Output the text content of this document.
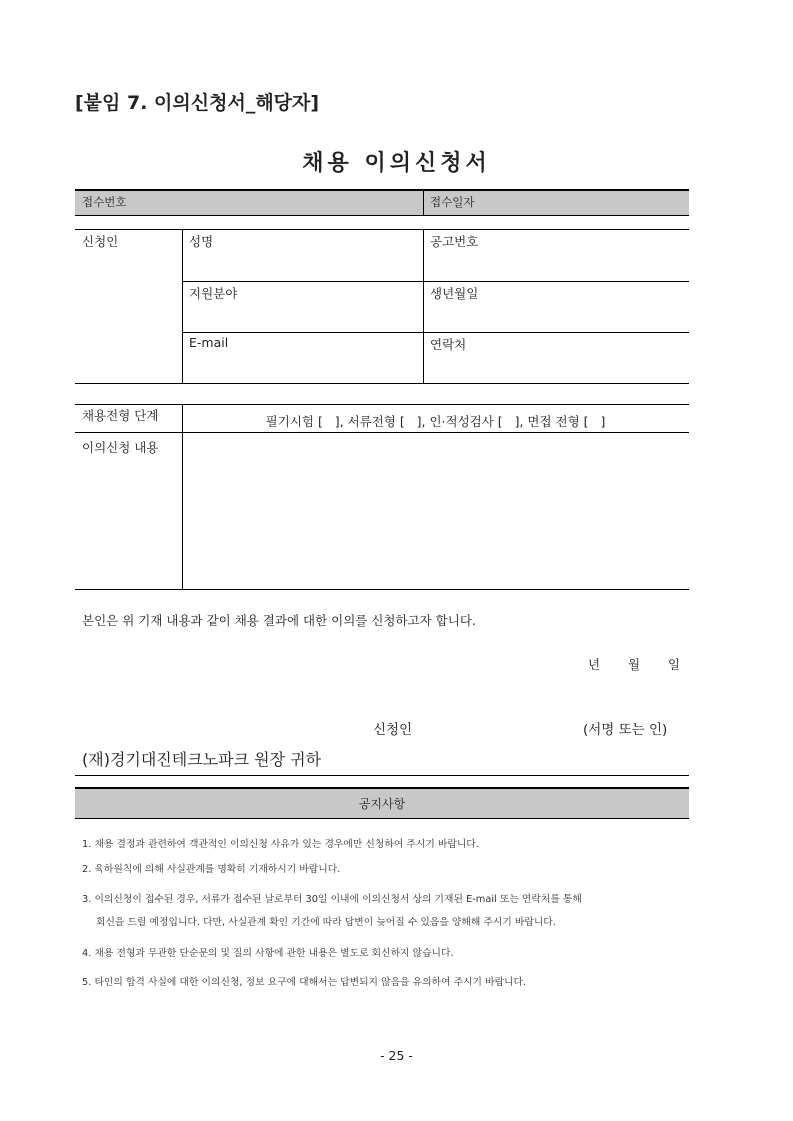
[붙임 7. 이의신청서_해당자]
채용 이의신청서
접수번호	접수일자
신청인	성명	공고번호
지원분야	생년월일
E-mail	연락처
채용전형 단계	필기시험 [   ], 서류전형 [   ], 인·적성검사 [   ], 면접 전형 [   ]
이의신청 내용
본인은 위 기재 내용과 같이 채용 결과에 대한 이의를 신청하고자 합니다.
년 월 일
신청인	(서명 또는 인)
(재)경기대진테크노파크 원장 귀하
공지사항
1. 채용 결정과 관련하여 객관적인 이의신청 사유가 있는 경우에만 신청하여 주시기 바랍니다.
2. 육하원칙에 의해 사실관계를 명확히 기재하시기 바랍니다.
3. 이의신청이 접수된 경우, 서류가 접수된 날로부터 30일 이내에 이의신청서 상의 기재된 E-mail 또는 연락처를 통해
회신을 드릴 예정입니다. 다만, 사실관계 확인 기간에 따라 답변이 늦어질 수 있음을 양해해 주시기 바랍니다.
4. 채용 전형과 무관한 단순문의 및 질의 사항에 관한 내용은 별도로 회신하지 않습니다.
5. 타인의 합격 사실에 대한 이의신청, 정보 요구에 대해서는 답변되지 않음을 유의하여 주시기 바랍니다.
- 25 -
